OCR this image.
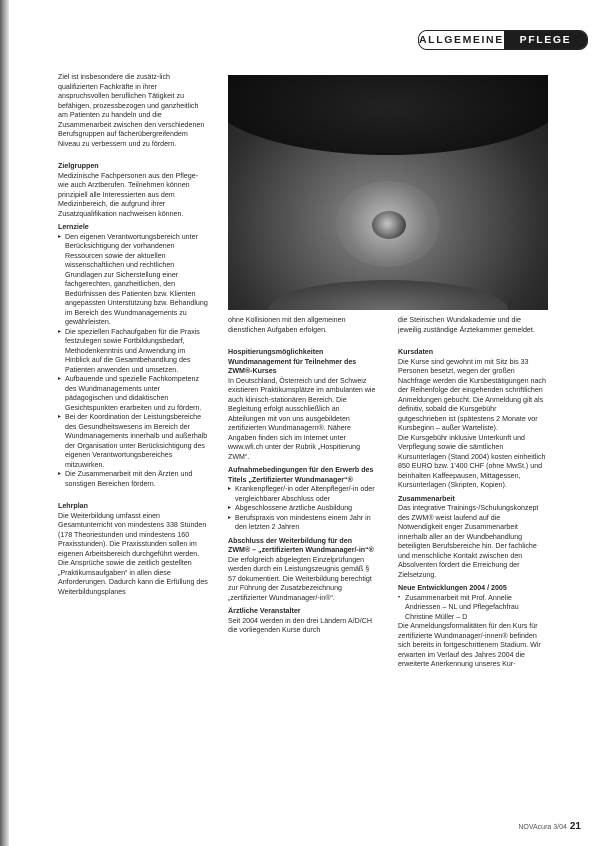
ALLGEMEINE	PFLEGE

Ziel ist insbesondere die zusätz-lich qualifizierten Fachkräfte in ihrer anspruchsvollen beruflichen Tätigkeit zu befähigen, prozessbezogen und ganzheitlich am Patienten zu handeln und die Zusammenarbeit zwischen den verschiedenen Berufsgruppen auf fächerübergreifendem Niveau zu verbessern und zu fördern.

Zielgruppen

Medizinische Fachpersonen aus den Pflege- wie auch Arztberufen. Teilnehmen können prinzipiell alle Interessierten aus dem Medizinbereich, die aufgrund ihrer Zusatzqualifikation nachweisen können.

Lernziele

▸ Den eigenen Verantwortungsbereich unter Berücksichtigung der vorhandenen Ressourcen sowie der aktuellen wissenschaftlichen und rechtlichen Grundlagen zur Sicherstellung einer fachgerechten, ganzheitlichen, den Bedürfnissen des Patienten bzw. Klienten angepassten Unterstützung bzw. Behandlung im Bereich des Wundmanagements zu gewährleisten.
▸ Die speziellen Fachaufgaben für die Praxis festzulegen sowie Fortbildungsbedarf, Methodenkenntnis und Anwendung im Hinblick auf die Gesamtbehandlung des Patienten anwenden und umsetzen.
▸ Aufbauende und spezielle Fachkompetenz des Wundmanagements unter pädagogischen und didaktischen Gesichtspunkten erarbeiten und zu fördern.
▸ Bei der Koordination der Leistungsbereiche des Gesundheitswesens im Bereich der Wundmanagements innerhalb und außerhalb der Organisation unter Berücksichtigung des eigenen Verantwortungsbereiches mitzuwirken.
▸ Die Zusammenarbeit mit den Ärzten und sonstigen Bereichen fördern.

Lehrplan

Die Weiterbildung umfasst einen Gesamtunterricht von mindestens 338 Stunden (178 Theoriestunden und mindestens 160 Praxisstunden). Die Praxisstunden sollen im eigenen Arbeitsbereich durchgeführt werden. Die Ansprüche sowie die zeitlich gestellten „Praktikumsaufgaben“ in allen diese Anforderungen. Dadurch kann die Erfüllung des Weiterbildungsplanes

ohne Kollisionen mit den allgemeinen dienstlichen Aufgaben erfolgen.

Hospitierungsmöglichkeiten Wundmanagement für Teilnehmer des ZWM®-Kurses

In Deutschland, Österreich und der Schweiz existieren Praktikumsplätze im ambulanten wie auch klinisch-stationären Bereich. Die Begleitung erfolgt ausschließlich an Abteilungen mit von uns ausgebildeten zertifizierten Wundmanagern®. Nähere Angaben finden sich im Internet unter www.wfi.ch unter der Rubrik „Hospitierung ZWM“.

Aufnahmebedingungen für den Erwerb des Titels „Zertifizierter Wundmanager“®

▸ Krankenpfleger/-in oder Altenpfleger/-in oder vergleichbarer Abschluss oder
▸ Abgeschlossene ärztliche Ausbildung
▸ Berufspraxis von mindestens einem Jahr in den letzten 2 Jahren

Abschluss der Weiterbildung für den ZWM® – „zertifizierten Wundmanager/-in“®

Die erfolgreich abgelegten Einzelprüfungen werden durch ein Leistungszeugnis gemäß § 57 dokumentiert. Die Weiterbildung berechtigt zur Führung der Zusatzbezeichnung „zertifizierter Wundmanager/-in®“.

Ärztliche Veranstalter

Seit 2004 werden in den drei Ländern A/D/CH die vorliegenden Kurse durch

die Steirischen Wundakademie und die jeweilig zuständige Ärztekammer gemeldet.

Kursdaten

Die Kurse sind gewohnt im mit Sitz bis 33 Personen besetzt, wegen der großen Nachfrage werden die Kursbestätigungen nach der Reihenfolge der eingehenden schriftlichen Anmeldungen gebucht. Die Anmeldung gilt als definitiv, sobald die Kursgebühr gutgeschrieben ist (spätestens 2 Monate vor Kursbeginn – außer Warteliste).

Die Kursgebühr inklusive Unterkunft und Verpflegung sowie die sämtlichen Kursunterlagen (Stand 2004) kosten einheitlich 850 EURO bzw. 1'400 CHF (ohne MwSt.) und beinhalten Kaffeepausen, Mittagessen, Kursunterlagen (Skripten, Kopien).

Zusammenarbeit

Das integrative Trainings-/Schulungskonzept des ZWM® weist laufend auf die Notwendigkeit enger Zusammenarbeit innerhalb aller an der Wundbehandlung beteiligten Berufsbereiche hin. Der fachliche und menschliche Kontakt zwischen den Absolventen fördert die Erreichung der Zielsetzung.

Neue Entwicklungen 2004 / 2005

• Zusammenarbeit mit Prof. Annelie Andriessen – NL und Pflegefachfrau Christine Müller – D

Die Anmeldungsformalitäten für den Kurs für zertifizierte Wundmanager/-innen® befinden sich bereits in fortgeschrittenem Stadium. Wir erwarten im Verlauf des Jahres 2004 die erweiterte Anerkennung unseres Kur-

NOVAcura 3/04 21
